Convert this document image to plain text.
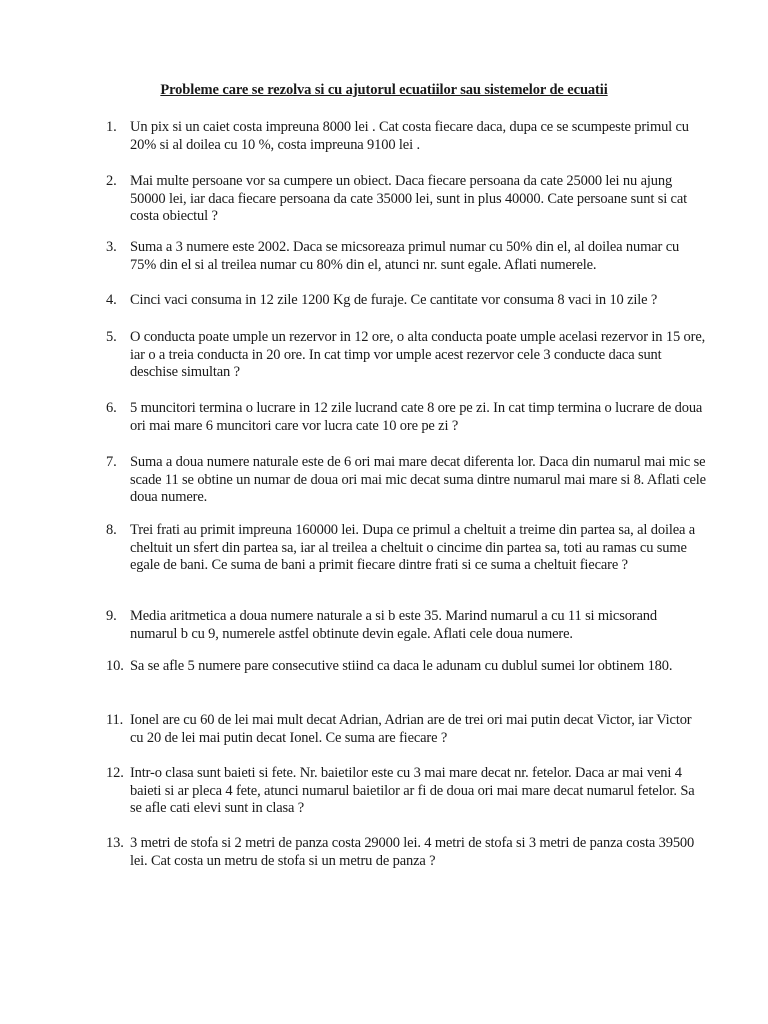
Probleme care se rezolva si cu ajutorul ecuatiilor sau sistemelor de ecuatii
1. Un pix si un caiet costa impreuna 8000 lei . Cat costa fiecare daca, dupa ce se scumpeste primul cu 20% si al doilea cu 10 %, costa impreuna 9100 lei .
2. Mai multe persoane vor sa cumpere un obiect. Daca fiecare persoana da cate 25000 lei nu ajung 50000 lei, iar daca fiecare persoana da cate 35000 lei, sunt in plus 40000. Cate persoane sunt si cat costa obiectul ?
3. Suma a 3 numere este 2002. Daca se micsoreaza primul numar cu 50% din el, al doilea numar cu 75% din el si al treilea numar cu 80% din el, atunci nr. sunt egale. Aflati numerele.
4. Cinci vaci consuma in 12 zile 1200 Kg de furaje. Ce cantitate vor consuma 8 vaci in 10 zile ?
5. O conducta poate umple un rezervor in 12 ore, o alta conducta poate umple acelasi rezervor in 15 ore, iar o a treia conducta in 20 ore. In cat timp vor umple acest rezervor cele 3 conducte daca sunt deschise simultan ?
6. 5 muncitori termina o lucrare in 12 zile lucrand cate 8 ore pe zi. In cat timp termina o lucrare de doua ori mai mare 6 muncitori care vor lucra cate 10 ore pe zi ?
7. Suma a doua numere naturale este de 6 ori mai mare decat diferenta lor. Daca din numarul mai mic se scade 11 se obtine un numar de doua ori mai mic decat suma dintre numarul mai mare si 8. Aflati cele doua numere.
8. Trei frati au primit impreuna 160000 lei. Dupa ce primul a cheltuit a treime din partea sa, al doilea a cheltuit un sfert din partea sa, iar al treilea a cheltuit o cincime din partea sa, toti au ramas cu sume egale de bani. Ce suma de bani a primit fiecare dintre frati si ce suma a cheltuit fiecare ?
9. Media aritmetica a doua numere naturale a si b este 35. Marind numarul a cu 11 si micsorand numarul b cu 9, numerele astfel obtinute devin egale. Aflati cele doua numere.
10. Sa se afle 5 numere pare consecutive stiind ca daca le adunam cu dublul sumei lor obtinem 180.
11. Ionel are cu 60 de lei mai mult decat Adrian, Adrian are de trei ori mai putin decat Victor, iar Victor cu 20 de lei mai putin decat Ionel. Ce suma are fiecare ?
12. Intr-o clasa sunt baieti si fete. Nr. baietilor este cu 3 mai mare decat nr. fetelor. Daca ar mai veni 4 baieti si ar pleca 4 fete, atunci numarul baietilor ar fi de doua ori mai mare decat numarul fetelor. Sa se afle cati elevi sunt in clasa ?
13. 3 metri de stofa si 2 metri de panza costa 29000 lei. 4 metri de stofa si 3 metri de panza costa 39500 lei. Cat costa un metru de stofa si un metru de panza ?
